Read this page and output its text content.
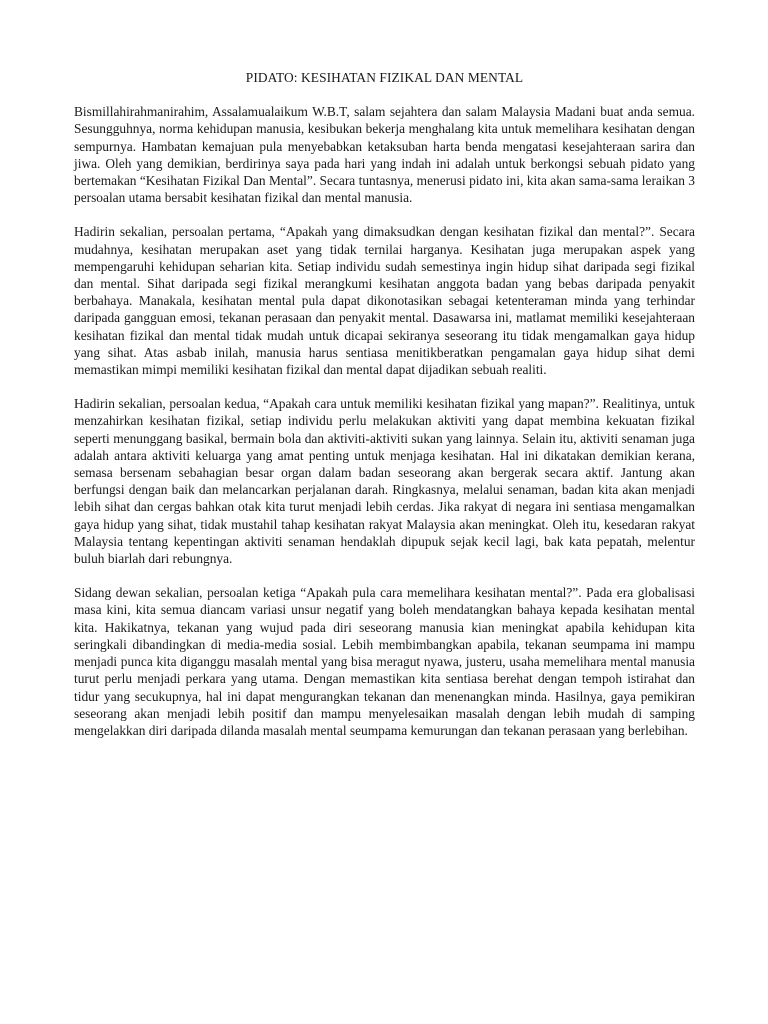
PIDATO: KESIHATAN FIZIKAL DAN MENTAL

Bismillahirahmanirahim, Assalamualaikum W.B.T, salam sejahtera dan salam Malaysia Madani buat anda semua. Sesungguhnya, norma kehidupan manusia, kesibukan bekerja menghalang kita untuk memelihara kesihatan dengan sempurnya. Hambatan kemajuan pula menyebabkan ketaksuban harta benda mengatasi kesejahteraan sarira dan jiwa. Oleh yang demikian, berdirinya saya pada hari yang indah ini adalah untuk berkongsi sebuah pidato yang bertemakan “Kesihatan Fizikal Dan Mental”. Secara tuntasnya, menerusi pidato ini, kita akan sama-sama leraikan 3 persoalan utama bersabit kesihatan fizikal dan mental manusia.

Hadirin sekalian, persoalan pertama, “Apakah yang dimaksudkan dengan kesihatan fizikal dan mental?”. Secara mudahnya, kesihatan merupakan aset yang tidak ternilai harganya. Kesihatan juga merupakan aspek yang mempengaruhi kehidupan seharian kita. Setiap individu sudah semestinya ingin hidup sihat daripada segi fizikal dan mental. Sihat daripada segi fizikal merangkumi kesihatan anggota badan yang bebas daripada penyakit berbahaya. Manakala, kesihatan mental pula dapat dikonotasikan sebagai ketenteraman minda yang terhindar daripada gangguan emosi, tekanan perasaan dan penyakit mental. Dasawarsa ini, matlamat memiliki kesejahteraan kesihatan fizikal dan mental tidak mudah untuk dicapai sekiranya seseorang itu tidak mengamalkan gaya hidup yang sihat. Atas asbab inilah, manusia harus sentiasa menitikberatkan pengamalan gaya hidup sihat demi memastikan mimpi memiliki kesihatan fizikal dan mental dapat dijadikan sebuah realiti.

Hadirin sekalian, persoalan kedua, “Apakah cara untuk memiliki kesihatan fizikal yang mapan?”. Realitinya, untuk menzahirkan kesihatan fizikal, setiap individu perlu melakukan aktiviti yang dapat membina kekuatan fizikal seperti menunggang basikal, bermain bola dan aktiviti-aktiviti sukan yang lainnya. Selain itu, aktiviti senaman juga adalah antara aktiviti keluarga yang amat penting untuk menjaga kesihatan. Hal ini dikatakan demikian kerana, semasa bersenam sebahagian besar organ dalam badan seseorang akan bergerak secara aktif. Jantung akan berfungsi dengan baik dan melancarkan perjalanan darah. Ringkasnya, melalui senaman, badan kita akan menjadi lebih sihat dan cergas bahkan otak kita turut menjadi lebih cerdas. Jika rakyat di negara ini sentiasa mengamalkan gaya hidup yang sihat, tidak mustahil tahap kesihatan rakyat Malaysia akan meningkat. Oleh itu, kesedaran rakyat Malaysia tentang kepentingan aktiviti senaman hendaklah dipupuk sejak kecil lagi, bak kata pepatah, melentur buluh biarlah dari rebungnya.

Sidang dewan sekalian, persoalan ketiga “Apakah pula cara memelihara kesihatan mental?”. Pada era globalisasi masa kini, kita semua diancam variasi unsur negatif yang boleh mendatangkan bahaya kepada kesihatan mental kita. Hakikatnya, tekanan yang wujud pada diri seseorang manusia kian meningkat apabila kehidupan kita seringkali dibandingkan di media-media sosial. Lebih membimbangkan apabila, tekanan seumpama ini mampu menjadi punca kita diganggu masalah mental yang bisa meragut nyawa, justeru, usaha memelihara mental manusia turut perlu menjadi perkara yang utama. Dengan memastikan kita sentiasa berehat dengan tempoh istirahat dan tidur yang secukupnya, hal ini dapat mengurangkan tekanan dan menenangkan minda. Hasilnya, gaya pemikiran seseorang akan menjadi lebih positif dan mampu menyelesaikan masalah dengan lebih mudah di samping mengelakkan diri daripada dilanda masalah mental seumpama kemurungan dan tekanan perasaan yang berlebihan.
